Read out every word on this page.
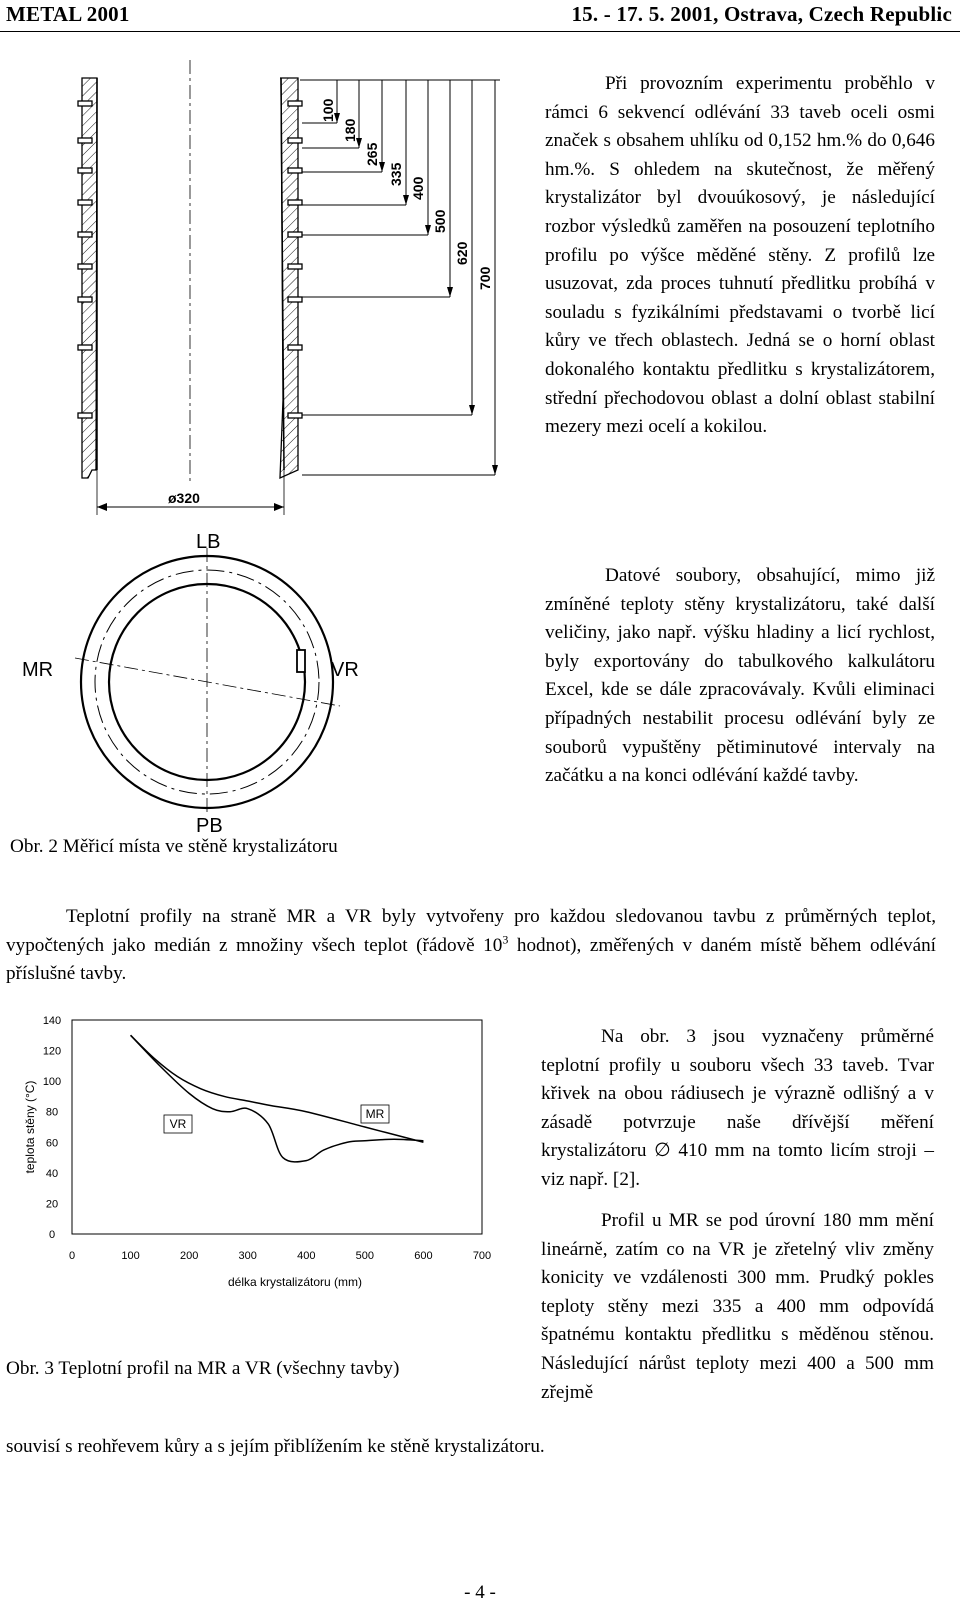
METAL 2001	15. - 17. 5. 2001, Ostrava, Czech Republic
ø320
100
180
265
335
400
500
620
700
LB
MR	VR
PB
Obr. 2 Měřicí místa ve stěně krystalizátoru
Při provozním experimentu proběhlo v rámci 6 sekvencí odlévání 33 taveb oceli osmi značek s obsahem uhlíku od 0,152 hm.% do 0,646 hm.%. S ohledem na skutečnost, že měřený krystalizátor byl dvouúkosový, je následující rozbor výsledků zaměřen na posouzení teplotního profilu po výšce měděné stěny. Z profilů lze usuzovat, zda proces tuhnutí předlitku probíhá v souladu s fyzikálními představami o tvorbě licí kůry ve třech oblastech. Jedná se o horní oblast dokonalého kontaktu předlitku s krystalizátorem, střední přechodovou oblast a dolní oblast stabilní mezery mezi ocelí a kokilou.
Datové soubory, obsahující, mimo již zmíněné teploty stěny krystalizátoru, také další veličiny, jako např. výšku hladiny a licí rychlost, byly exportovány do tabulkového kalkulátoru Excel, kde se dále zpracovávaly. Kvůli eliminaci případných nestabilit procesu odlévání byly ze souborů vypuštěny pětiminutové intervaly na začátku a na konci odlévání každé tavby.
Teplotní profily na straně MR a VR byly vytvořeny pro každou sledovanou tavbu z průměrných teplot, vypočtených jako medián z množiny všech teplot (řádově $10^3$ hodnot), změřených v daném místě během odlévání příslušné tavby.
0
20
40
60
80
100
120
140
0	100	200	300	400	500	600	700
délka krystalizátoru (mm)
teplota stěny (°C)	MR
VR
Obr. 3 Teplotní profil na MR a VR (všechny tavby)
Na obr. 3 jsou vyznačeny průměrné teplotní profily u souboru všech 33 taveb. Tvar křivek na obou rádiusech je výrazně odlišný a v zásadě potvrzuje naše dřívější měření krystalizátoru ∅ 410 mm na tomto licím stroji – viz např. [2].
Profil u MR se pod úrovní 180 mm mění lineárně, zatím co na VR je zřetelný vliv změny konicity ve vzdálenosti 300 mm. Prudký pokles teploty stěny mezi 335 a 400 mm odpovídá špatnému kontaktu předlitku s měděnou stěnou. Následující nárůst teploty mezi 400 a 500 mm zřejmě
souvisí s reohřevem kůry a s jejím přiblížením ke stěně krystalizátoru.
- 4 -
